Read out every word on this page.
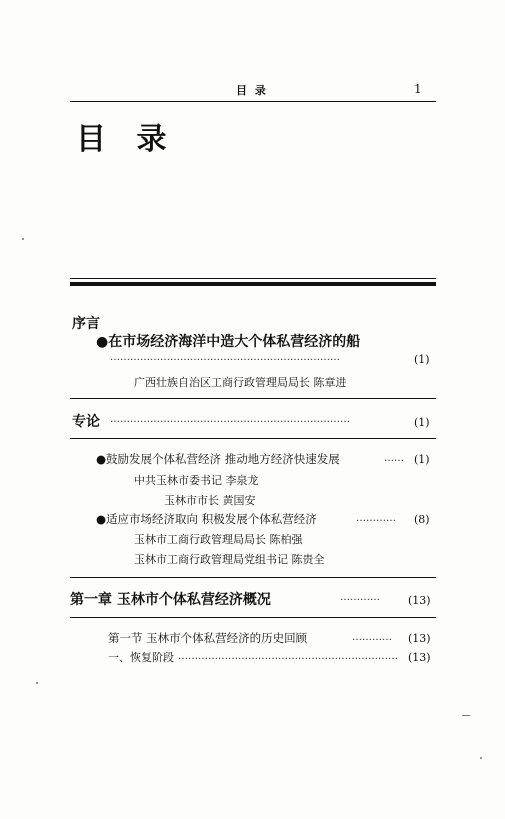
目 录	1
目 录
序言
●在市场经济海洋中造大个体私营经济的船
……………………………………………………………	(1)
广西壮族自治区工商行政管理局局长 陈章进
专论 ………………………………………………………………	(1)
●鼓励发展个体私营经济 推动地方经济快速发展	…… (1)
中共玉林市委书记 李泉龙
玉林市市长 黄国安
●适应市场经济取向 积极发展个体私营经济	…………	(8)
玉林市工商行政管理局局长 陈柏强
玉林市工商行政管理局党组书记 陈贵全
第一章 玉林市个体私营经济概况	…………	(13)
第一节 玉林市个体私营经济的历史回顾	…………	(13)
一、恢复阶段 ………………………………………………………… (13)
